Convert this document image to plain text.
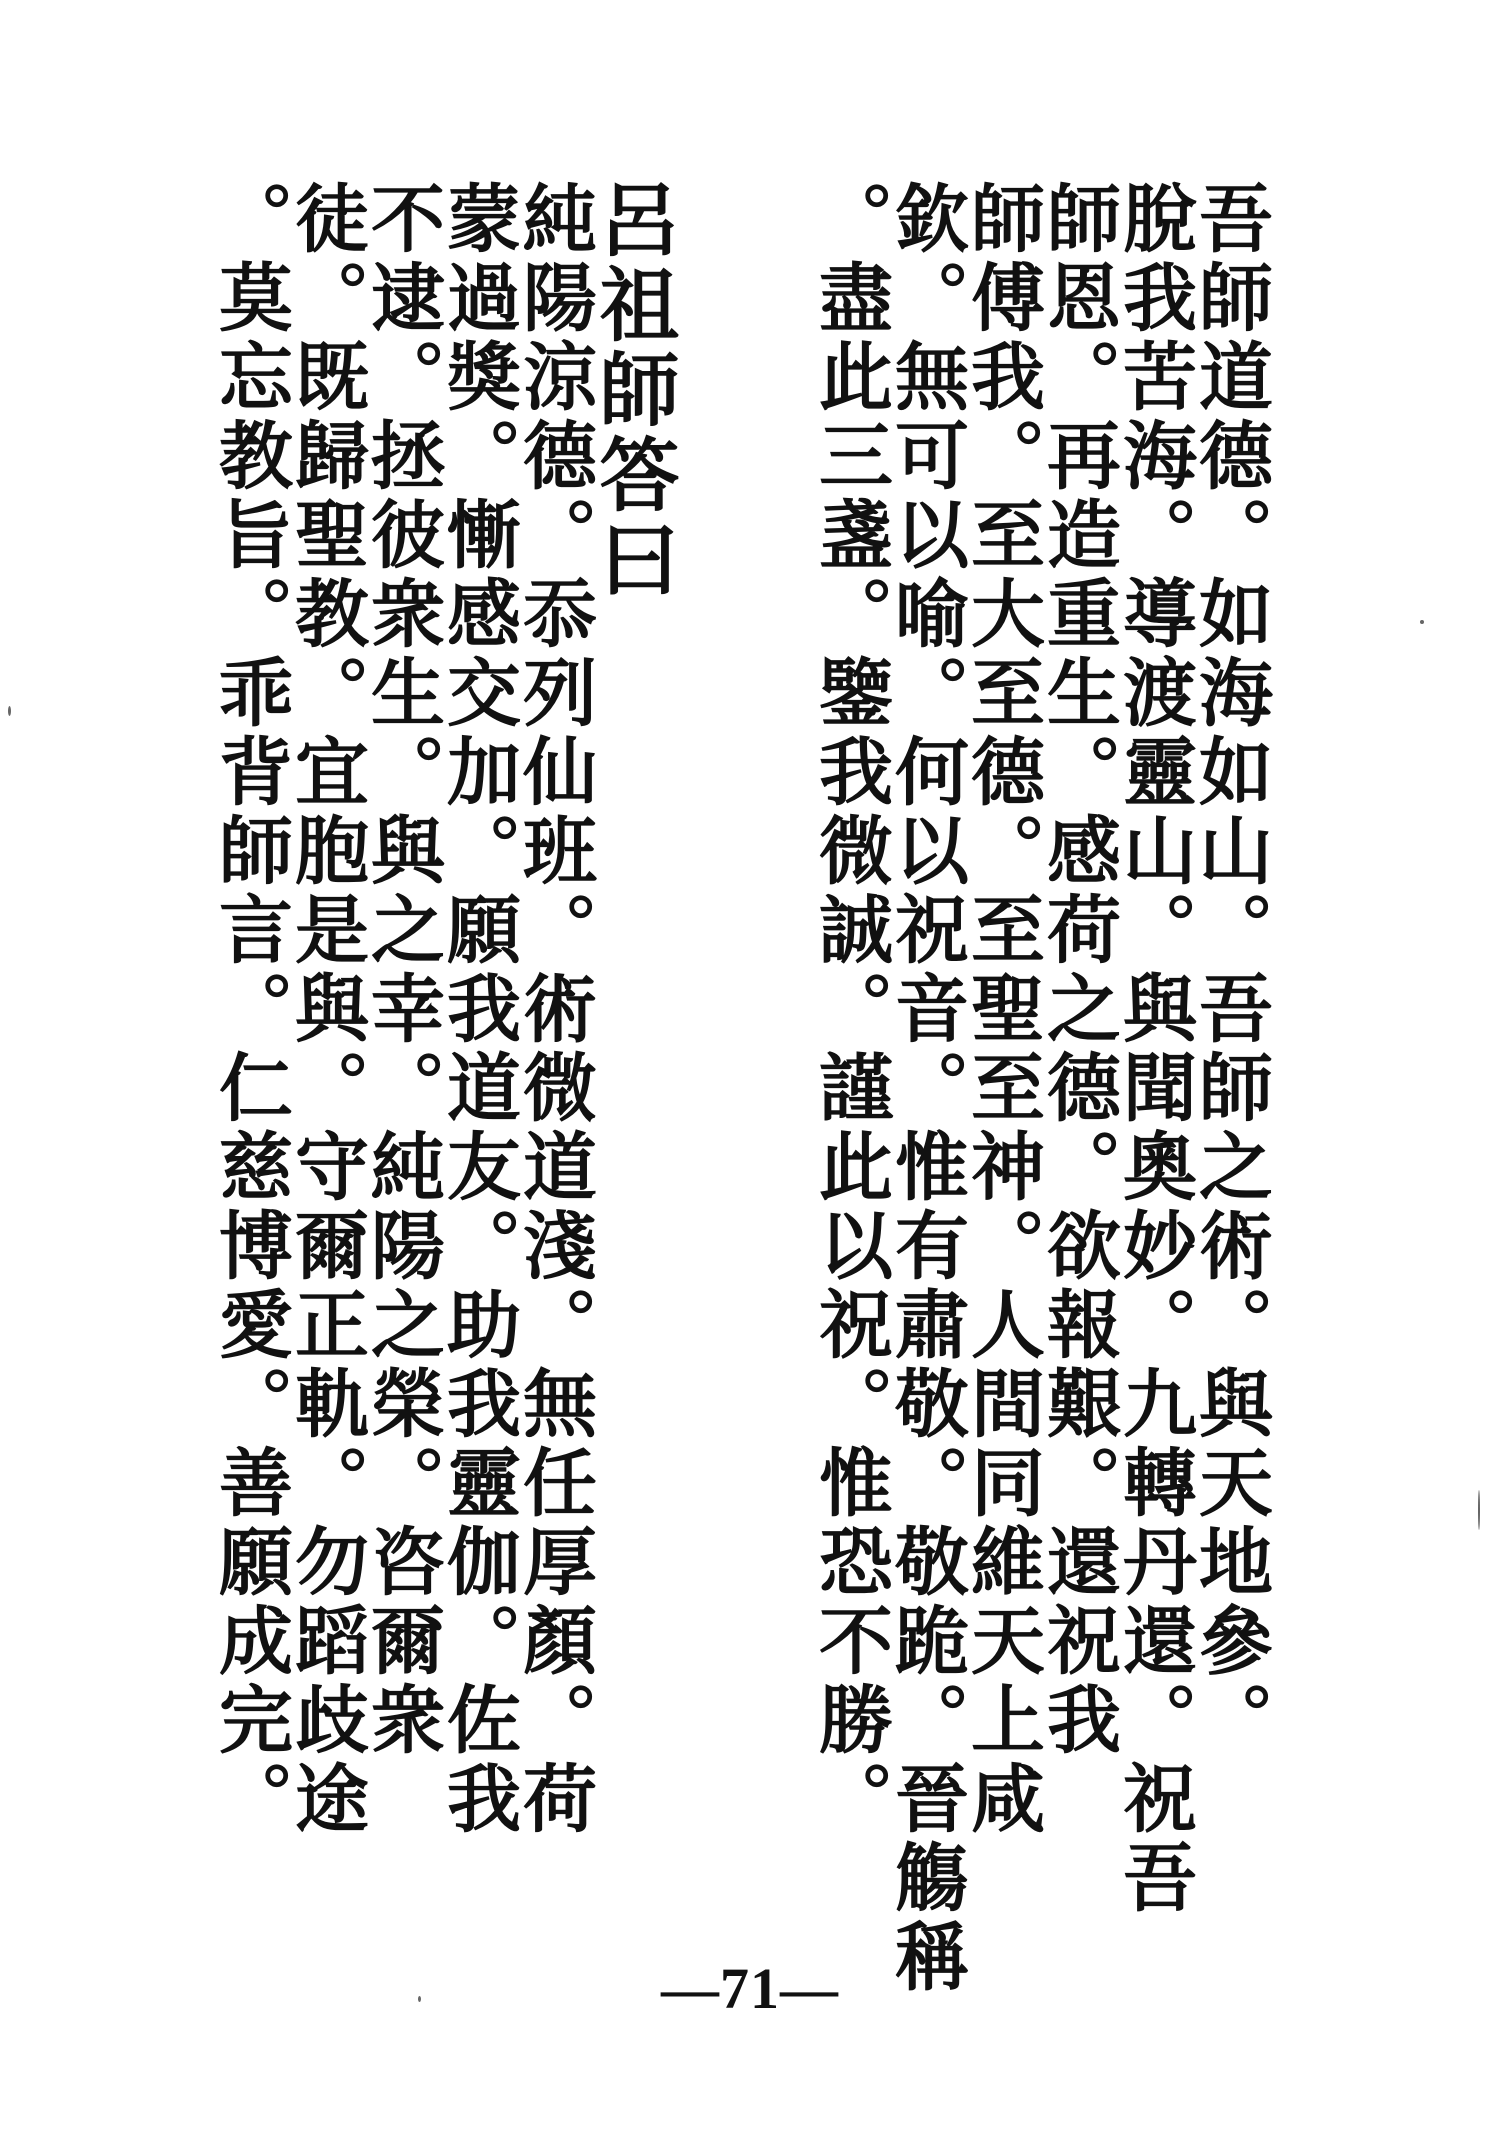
吾師道德。如海如山。吾師之術。與天地參。
脫我苦海。導渡靈山。與聞奧妙。九轉丹還。祝吾
師恩。再造重生。感荷之德。欲報艱。還祝我
師傅我。至大至德。至聖至神。人間同維天上咸
欽。無可以喻。何以祝音。惟有肅敬。敬跪。晉觴稱
。盡此三盞。鑒我微誠。謹此以祝。惟恐不勝。
呂祖師答曰
純陽涼德。忝列仙班。術微道淺。無任厚顏。荷
蒙過獎。慚感交加。願我道友。助我靈伽。佐我
不逮。拯彼衆生。與之幸。純陽之榮。咨爾衆
徒。既歸聖教。宜胞是與。守爾正軌。勿蹈歧途
。莫忘教旨。乖背師言。仁慈博愛。善願成完。
—71—
